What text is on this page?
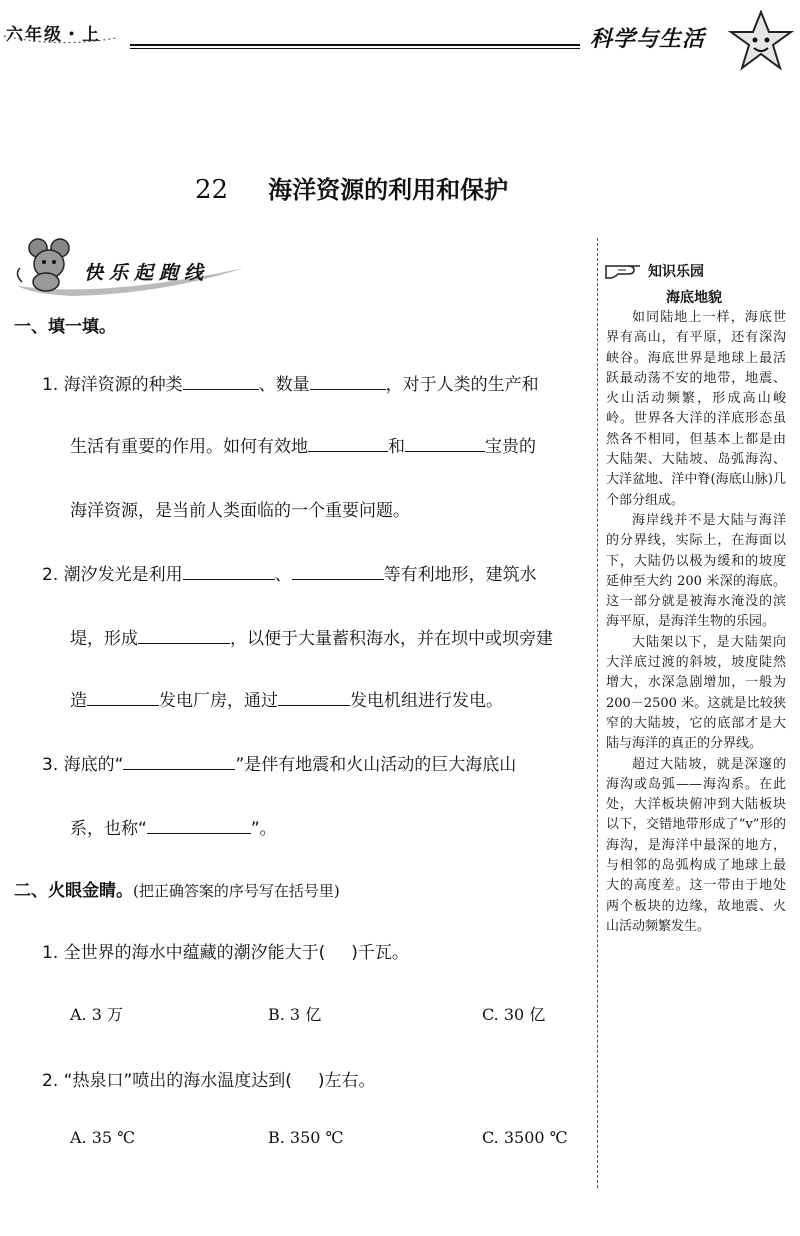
六年级・上	科学与生活
22 海洋资源的利用和保护
快乐起跑线
一、填一填。
1. 海洋资源的种类	、数量	，对于人类的生产和
生活有重要的作用。如何有效地	和	宝贵的
海洋资源，是当前人类面临的一个重要问题。
2. 潮汐发光是利用	、	等有利地形，建筑水
堤，形成	，以便于大量蓄积海水，并在坝中或坝旁建
造	发电厂房，通过	发电机组进行发电。
3. 海底的“	”是伴有地震和火山活动的巨大海底山
系，也称“	”。
二、火眼金睛。(把正确答案的序号写在括号里)
1. 全世界的海水中蕴藏的潮汐能大于( )千瓦。
A. 3 万	B. 3 亿	C. 30 亿
2. “热泉口”喷出的海水温度达到( )左右。
A. 35 ℃	B. 350 ℃	C. 3500 ℃
知识乐园
海底地貌

如同陆地上一样，海底世界有高山，有平原，还有深沟峡谷。海底世界是地球上最活跃最动荡不安的地带，地震、火山活动频繁，形成高山峻岭。世界各大洋的洋底形态虽然各不相同，但基本上都是由大陆架、大陆坡、岛弧海沟、大洋盆地、洋中脊(海底山脉)几个部分组成。

海岸线并不是大陆与海洋的分界线，实际上，在海面以下，大陆仍以极为缓和的坡度延伸至大约 200 米深的海底。这一部分就是被海水淹没的滨海平原，是海洋生物的乐园。

大陆架以下，是大陆架向大洋底过渡的斜坡，坡度陡然增大，水深急剧增加，一般为 200－2500 米。这就是比较狭窄的大陆坡，它的底部才是大陆与海洋的真正的分界线。

超过大陆坡，就是深邃的海沟或岛弧——海沟系。在此处，大洋板块俯冲到大陆板块以下，交错地带形成了“v”形的海沟，是海洋中最深的地方，与相邻的岛弧构成了地球上最大的高度差。这一带由于地处两个板块的边缘，故地震、火山活动频繁发生。
